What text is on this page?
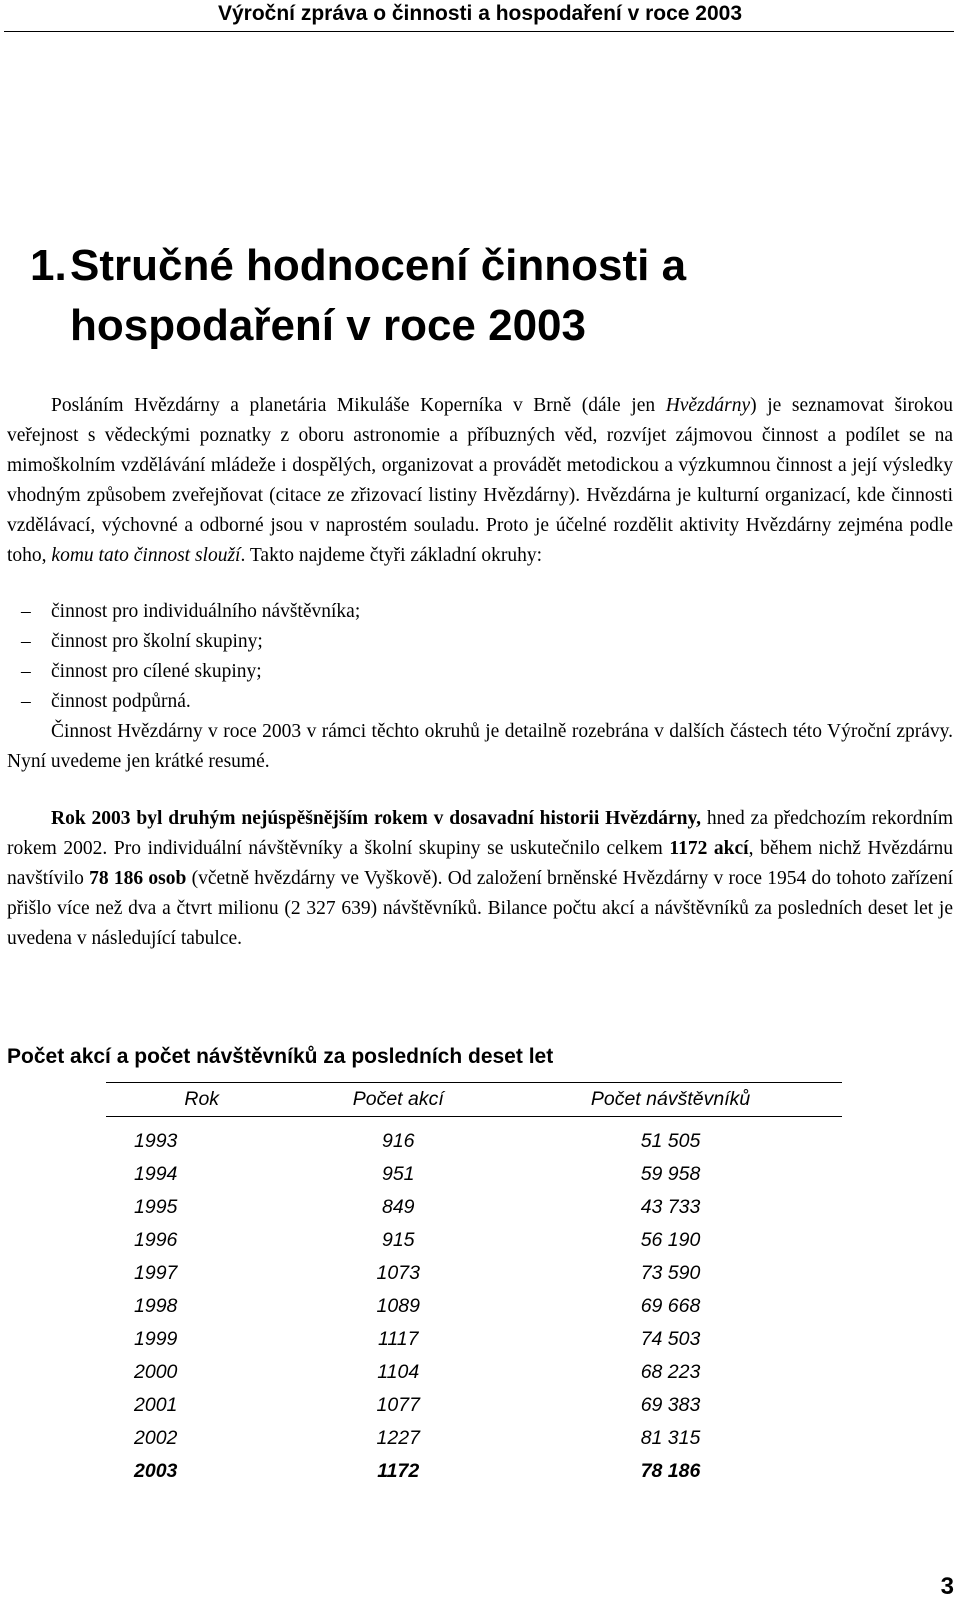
Výroční zpráva o činnosti a hospodaření v roce 2003
1.Stručné hodnocení činnosti a
hospodaření v roce 2003

Posláním Hvězdárny a planetária Mikuláše Koperníka v Brně (dále jen Hvězdárny) je seznamovat širokou veřejnost s vědeckými poznatky z oboru astronomie a příbuzných věd, rozvíjet zájmovou činnost a podílet se na mimoškolním vzdělávání mládeže i dospělých, organizovat a provádět metodickou a výzkumnou činnost a její výsledky vhodným způsobem zveřejňovat (citace ze zřizovací listiny Hvězdárny). Hvězdárna je kulturní organizací, kde činnosti vzdělávací, výchovné a odborné jsou v naprostém souladu. Proto je účelné rozdělit aktivity Hvězdárny zejména podle toho, komu tato činnost slouží. Takto najdeme čtyři základní okruhy:

– činnost pro individuálního návštěvníka;
– činnost pro školní skupiny;
– činnost pro cílené skupiny;
– činnost podpůrná.

Činnost Hvězdárny v roce 2003 v rámci těchto okruhů je detailně rozebrána v dalších částech této Výroční zprávy. Nyní uvedeme jen krátké resumé.

Rok 2003 byl druhým nejúspěšnějším rokem v dosavadní historii Hvězdárny, hned za předchozím rekordním rokem 2002. Pro individuální návštěvníky a školní skupiny se uskutečnilo celkem 1172 akcí, během nichž Hvězdárnu navštívilo 78 186 osob (včetně hvězdárny ve Vyškově). Od založení brněnské Hvězdárny v roce 1954 do tohoto zařízení přišlo více než dva a čtvrt milionu (2 327 639) návštěvníků. Bilance počtu akcí a návštěvníků za posledních deset let je uvedena v následující tabulce.

Počet akcí a počet návštěvníků za posledních deset let
Rok	Počet akcí	Počet návštěvníků
1993	916	51 505
1994	951	59 958
1995	849	43 733
1996	915	56 190
1997	1073	73 590
1998	1089	69 668
1999	1117	74 503
2000	1104	68 223
2001	1077	69 383
2002	1227	81 315
2003	1172	78 186
3
